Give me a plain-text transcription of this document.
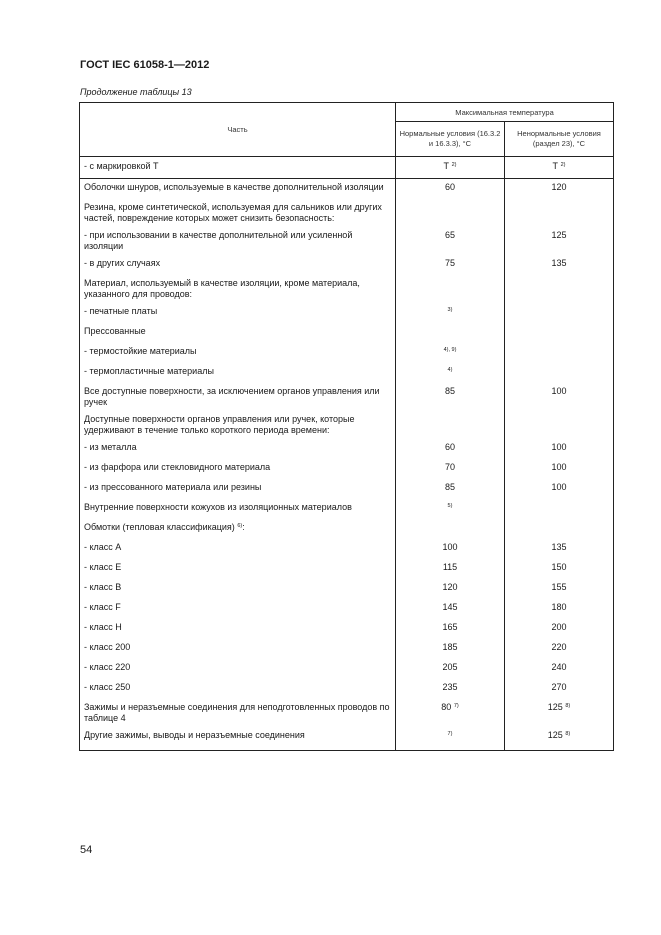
ГОСТ IEC 61058-1—2012
Продолжение таблицы 13
Часть	Максимальная температура	
	Нормальные условия (16.3.2 и 16.3.3), °C	Ненормальные условия (раздел 23), °C
- с маркировкой Т	Т $^{2)}$	Т $^{2)}$
Оболочки шнуров, используемые в качестве дополнительной изоляции	60	120
Резина, кроме синтетической, используемая для сальников или других частей, повреждение которых может снизить безопасность:		
- при использовании в качестве дополнительной или усиленной изоляции	65	125
- в других случаях	75	135
Материал, используемый в качестве изоляции, кроме материала, указанного для проводов:		
- печатные платы	$^{3)}$	
Прессованные		
- термостойкие материалы	$^{4), 9)}$	
- термопластичные материалы	$^{4)}$	
Все доступные поверхности, за исключением органов управления или ручек	85	100
Доступные поверхности органов управления или ручек, которые удерживают в течение только короткого периода времени:		
- из металла	60	100
- из фарфора или стекловидного материала	70	100
- из прессованного материала или резины	85	100
Внутренние поверхности кожухов из изоляционных материалов	$^{5)}$	
Обмотки (тепловая классификация) $^{6)}$:		
- класс А	100	135
- класс Е	115	150
- класс В	120	155
- класс F	145	180
- класс Н	165	200
- класс 200	185	220
- класс 220	205	240
- класс 250	235	270
Зажимы и неразъемные соединения для неподготовленных проводов по таблице 4	80 $^{7)}$	125 $^{8)}$
Другие зажимы, выводы и неразъемные соединения	$^{7)}$	125 $^{8)}$
54
